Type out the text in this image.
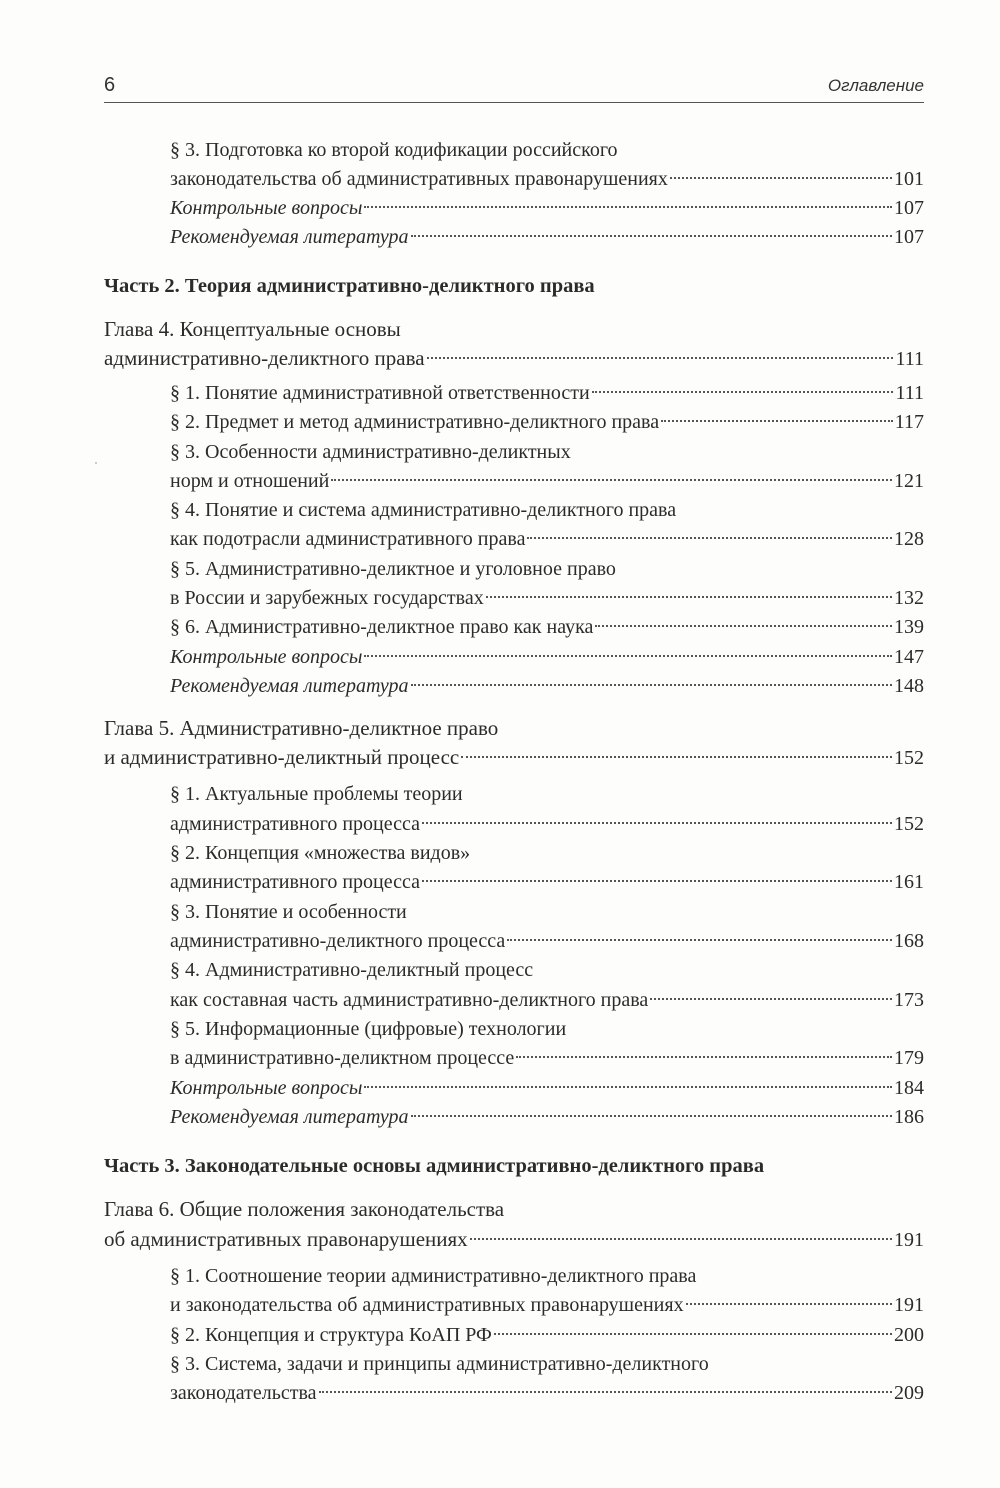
6	Оглавление
§ 3. Подготовка ко второй кодификации российского
законодательства об административных правонарушениях	101
Контрольные вопросы	107
Рекомендуемая литература	107
Часть 2. Теория административно-деликтного права
Глава 4. Концептуальные основы
административно-деликтного права	111
§ 1. Понятие административной ответственности	111
§ 2. Предмет и метод административно-деликтного права	117
§ 3. Особенности административно-деликтных
норм и отношений	121
§ 4. Понятие и система административно-деликтного права
как подотрасли административного права	128
§ 5. Административно-деликтное и уголовное право
в России и зарубежных государствах	132
§ 6. Административно-деликтное право как наука	139
Контрольные вопросы	147
Рекомендуемая литература	148
Глава 5. Административно-деликтное право
и административно-деликтный процесс	152
§ 1. Актуальные проблемы теории
административного процесса	152
§ 2. Концепция «множества видов»
административного процесса	161
§ 3. Понятие и особенности
административно-деликтного процесса	168
§ 4. Административно-деликтный процесс
как составная часть административно-деликтного права	173
§ 5. Информационные (цифровые) технологии
в административно-деликтном процессе	179
Контрольные вопросы	184
Рекомендуемая литература	186
Часть 3. Законодательные основы административно-деликтного права
Глава 6. Общие положения законодательства
об административных правонарушениях	191
§ 1. Соотношение теории административно-деликтного права
и законодательства об административных правонарушениях	191
§ 2. Концепция и структура КоАП РФ	200
§ 3. Система, задачи и принципы административно-деликтного
законодательства	209
